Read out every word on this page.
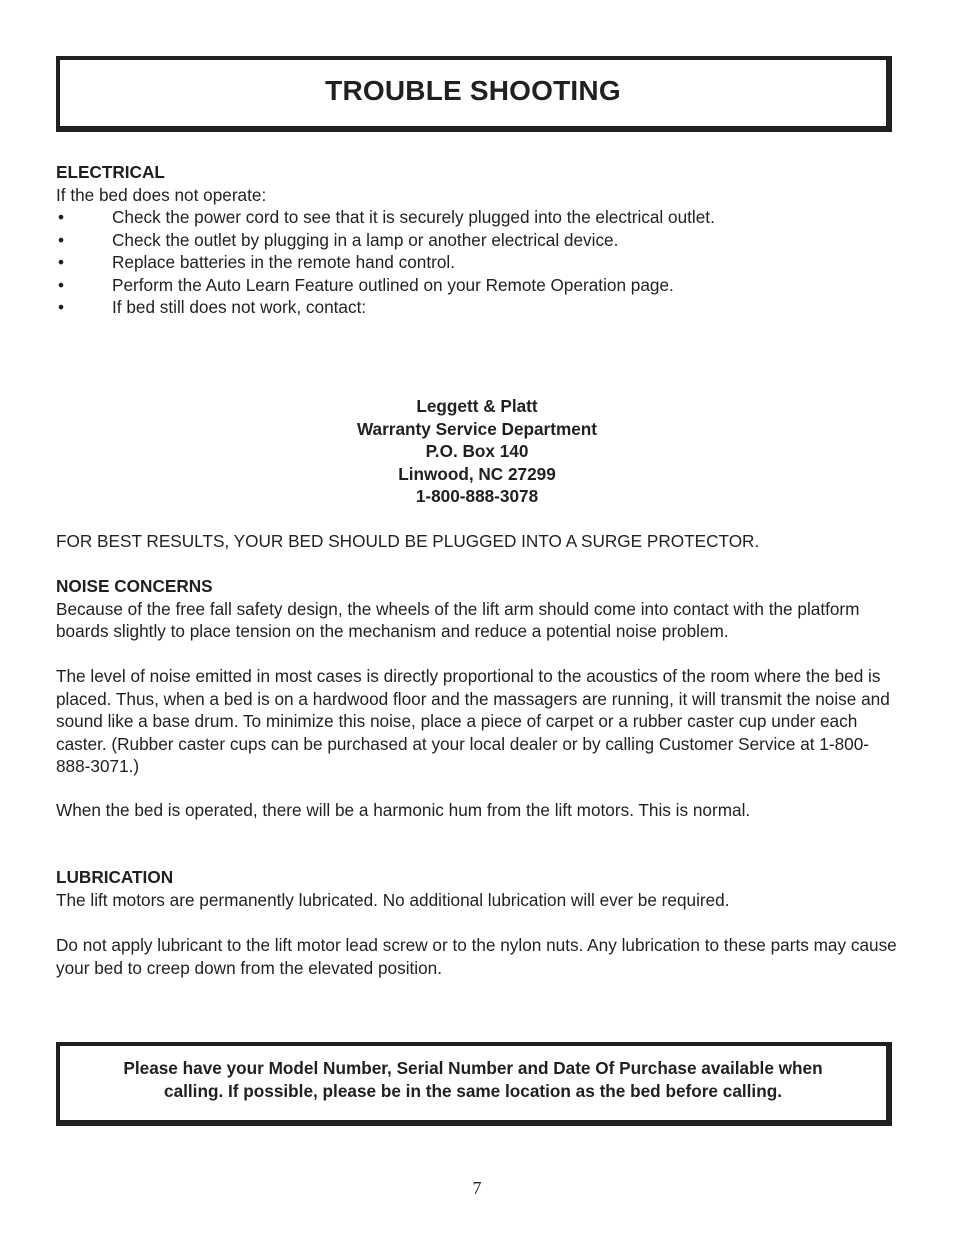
TROUBLE SHOOTING
ELECTRICAL

If the bed does not operate:

•	Check the power cord to see that it is securely plugged into the electrical outlet.
•	Check the outlet by plugging in a lamp or another electrical device.
•	Replace batteries in the remote hand control.
•	Perform the Auto Learn Feature outlined on your Remote Operation page.
•	If bed still does not work, contact:
Leggett & Platt
Warranty Service Department
P.O. Box 140
Linwood, NC 27299
1-800-888-3078

FOR BEST RESULTS, YOUR BED SHOULD BE PLUGGED INTO A SURGE PROTECTOR.

NOISE CONCERNS

Because of the free fall safety design, the wheels of the lift arm should come into contact with the platform boards slightly to place tension on the mechanism and reduce a potential noise problem.

The level of noise emitted in most cases is directly proportional to the acoustics of the room where the bed is placed. Thus, when a bed is on a hardwood floor and the massagers are running, it will transmit the noise and sound like a base drum. To minimize this noise, place a piece of carpet or a rubber caster cup under each caster. (Rubber caster cups can be purchased at your local dealer or by calling Customer Service at 1-800-888-3071.)

When the bed is operated, there will be a harmonic hum from the lift motors. This is normal.

LUBRICATION

The lift motors are permanently lubricated. No additional lubrication will ever be required.

Do not apply lubricant to the lift motor lead screw or to the nylon nuts. Any lubrication to these parts may cause your bed to creep down from the elevated position.

Please have your Model Number, Serial Number and Date Of Purchase available when

calling. If possible, please be in the same location as the bed before calling.

7
